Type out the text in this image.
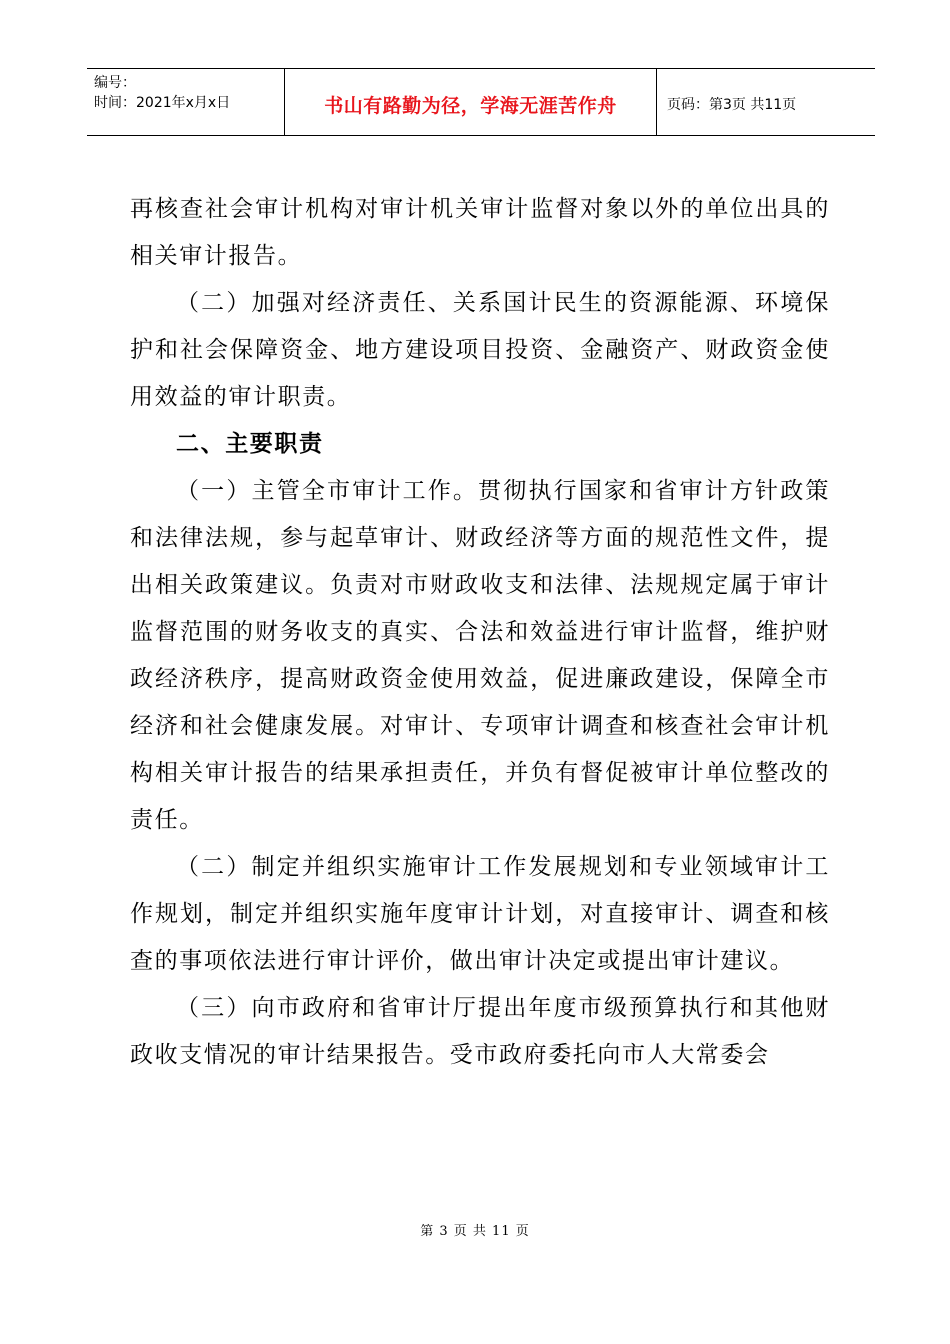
编号：
时间：2021年x月x日	书山有路勤为径，学海无涯苦作舟	页码：第3页 共11页

再核查社会审计机构对审计机关审计监督对象以外的单位出具的相关审计报告。

（二）加强对经济责任、关系国计民生的资源能源、环境保护和社会保障资金、地方建设项目投资、金融资产、财政资金使用效益的审计职责。

二、主要职责

（一）主管全市审计工作。贯彻执行国家和省审计方针政策和法律法规，参与起草审计、财政经济等方面的规范性文件，提出相关政策建议。负责对市财政收支和法律、法规规定属于审计监督范围的财务收支的真实、合法和效益进行审计监督，维护财政经济秩序，提高财政资金使用效益，促进廉政建设，保障全市经济和社会健康发展。对审计、专项审计调查和核查社会审计机构相关审计报告的结果承担责任，并负有督促被审计单位整改的责任。

（二）制定并组织实施审计工作发展规划和专业领域审计工作规划，制定并组织实施年度审计计划，对直接审计、调查和核查的事项依法进行审计评价，做出审计决定或提出审计建议。

（三）向市政府和省审计厅提出年度市级预算执行和其他财政收支情况的审计结果报告。受市政府委托向市人大常委会

第 3 页 共 11 页
